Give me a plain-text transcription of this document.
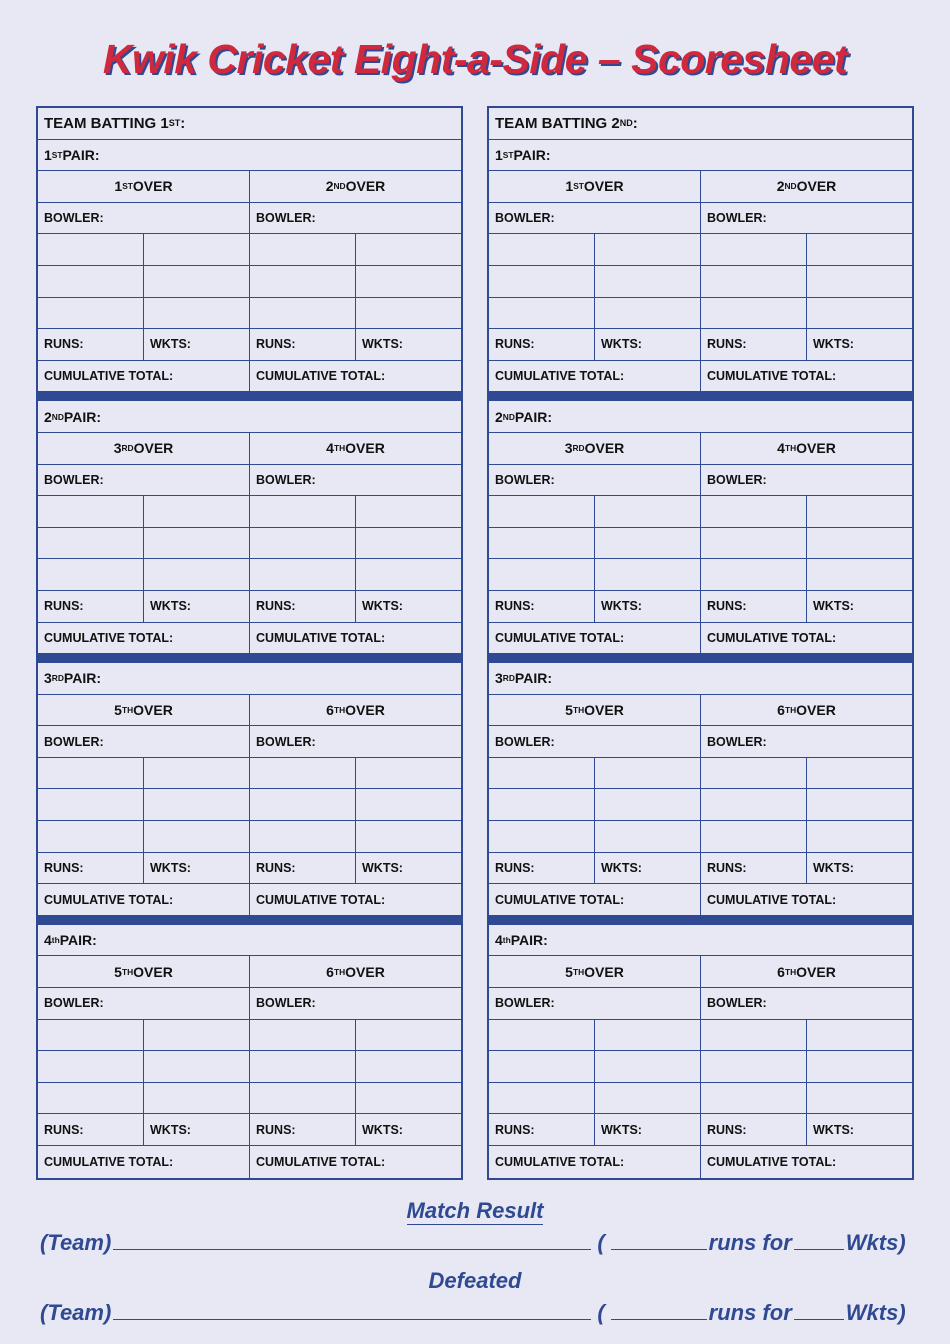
Kwik Cricket Eight-a-Side – Scoresheet
TEAM BATTING 1 ST :
1 ST PAIR:
1 ST OVER	2 ND OVER
BOWLER:	BOWLER:
RUNS:	WKTS:	RUNS:	WKTS:
CUMULATIVE TOTAL:	CUMULATIVE TOTAL:
2 ND PAIR:
3 RD OVER	4 TH OVER
BOWLER:	BOWLER:
RUNS:	WKTS:	RUNS:	WKTS:
CUMULATIVE TOTAL:	CUMULATIVE TOTAL:
3 RD PAIR:
5 TH OVER	6 TH OVER
BOWLER:	BOWLER:
RUNS:	WKTS:	RUNS:	WKTS:
CUMULATIVE TOTAL:	CUMULATIVE TOTAL:
4 th PAIR:
5 TH OVER	6 TH OVER
BOWLER:	BOWLER:
RUNS:	WKTS:	RUNS:	WKTS:
CUMULATIVE TOTAL:	CUMULATIVE TOTAL:
TEAM BATTING 2 ND :
1 ST PAIR:
1 ST OVER	2 ND OVER
BOWLER:	BOWLER:
RUNS:	WKTS:	RUNS:	WKTS:
CUMULATIVE TOTAL:	CUMULATIVE TOTAL:
2 ND PAIR:
3 RD OVER	4 TH OVER
BOWLER:	BOWLER:
RUNS:	WKTS:	RUNS:	WKTS:
CUMULATIVE TOTAL:	CUMULATIVE TOTAL:
3 RD PAIR:
5 TH OVER	6 TH OVER
BOWLER:	BOWLER:
RUNS:	WKTS:	RUNS:	WKTS:
CUMULATIVE TOTAL:	CUMULATIVE TOTAL:
4 th PAIR:
5 TH OVER	6 TH OVER
BOWLER:	BOWLER:
RUNS:	WKTS:	RUNS:	WKTS:
CUMULATIVE TOTAL:	CUMULATIVE TOTAL:
Match Result
(Team)	(	runs for Wkts)
Defeated
(Team)	(	runs for Wkts)
